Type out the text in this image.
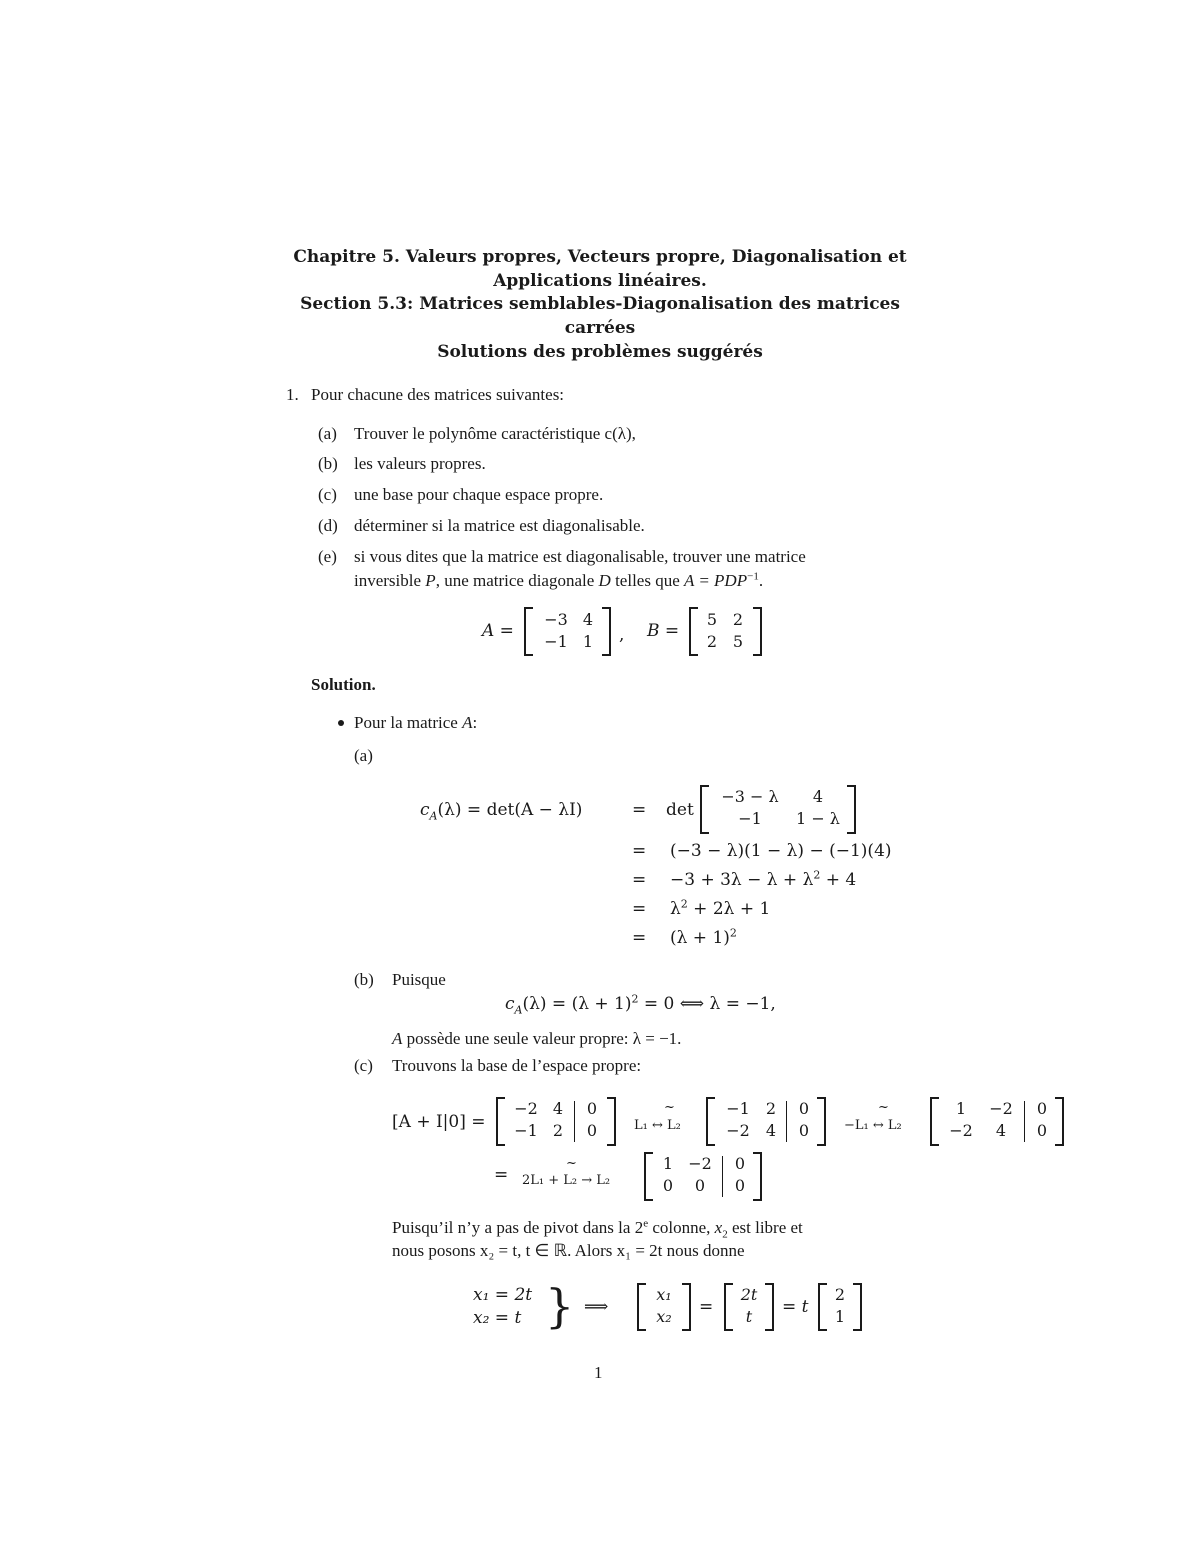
Chapitre 5. Valeurs propres, Vecteurs propre, Diagonalisation et
Applications linéaires.
Section 5.3: Matrices semblables-Diagonalisation des matrices
carrées
Solutions des problèmes suggérés
1. Pour chacune des matrices suivantes:
(a) Trouver le polynôme caractéristique c(λ),
(b) les valeurs propres.
(c) une base pour chaque espace propre.
(d) déterminer si la matrice est diagonalisable.
(e) si vous dites que la matrice est diagonalisable, trouver une matrice
inversible P, une matrice diagonale D telles que $A = PDP^{-1}$.
A =
−3 4
−1 1	, B =
5 2
2 5
Solution.
Pour la matrice A:
(a)
$c_A(\lambda) = \det(A - \lambda I)$	= det
−3 − λ	4
−1	1 − λ
= (−3 − λ)(1 − λ) − (−1)(4)
= $-3 + 3\lambda - \lambda + \lambda^2 + 4$
= $\lambda^2 + 2\lambda + 1$
= $(\lambda + 1)^2$
(b) Puisque
$c_A(\lambda) = (\lambda + 1)^2 = 0$ ⟺ λ = −1,
A possède une seule valeur propre: λ = −1.
(c) Trouvons la base de l’espace propre:
[A + I|0] =
−2 4	0
−1 2	0
~
L₁ ↔ L₂
−1	2	0
−2	4	0
~
−L₁ ↔ L₂
1	−2	0
−2	4	0
=
~
2L₁ + L₂ → L₂
1 −2	0
0	0	0
Puisqu’il n’y a pas de pivot dans la 2e colonne, $x_2$ est libre et
nous posons x₂ = t, t ∈ ℝ. Alors x₁ = 2t nous donne
x₁ = 2t
x₂ = t } ⟹
x₁
x₂	=
2t
t	= t
2
1
1
